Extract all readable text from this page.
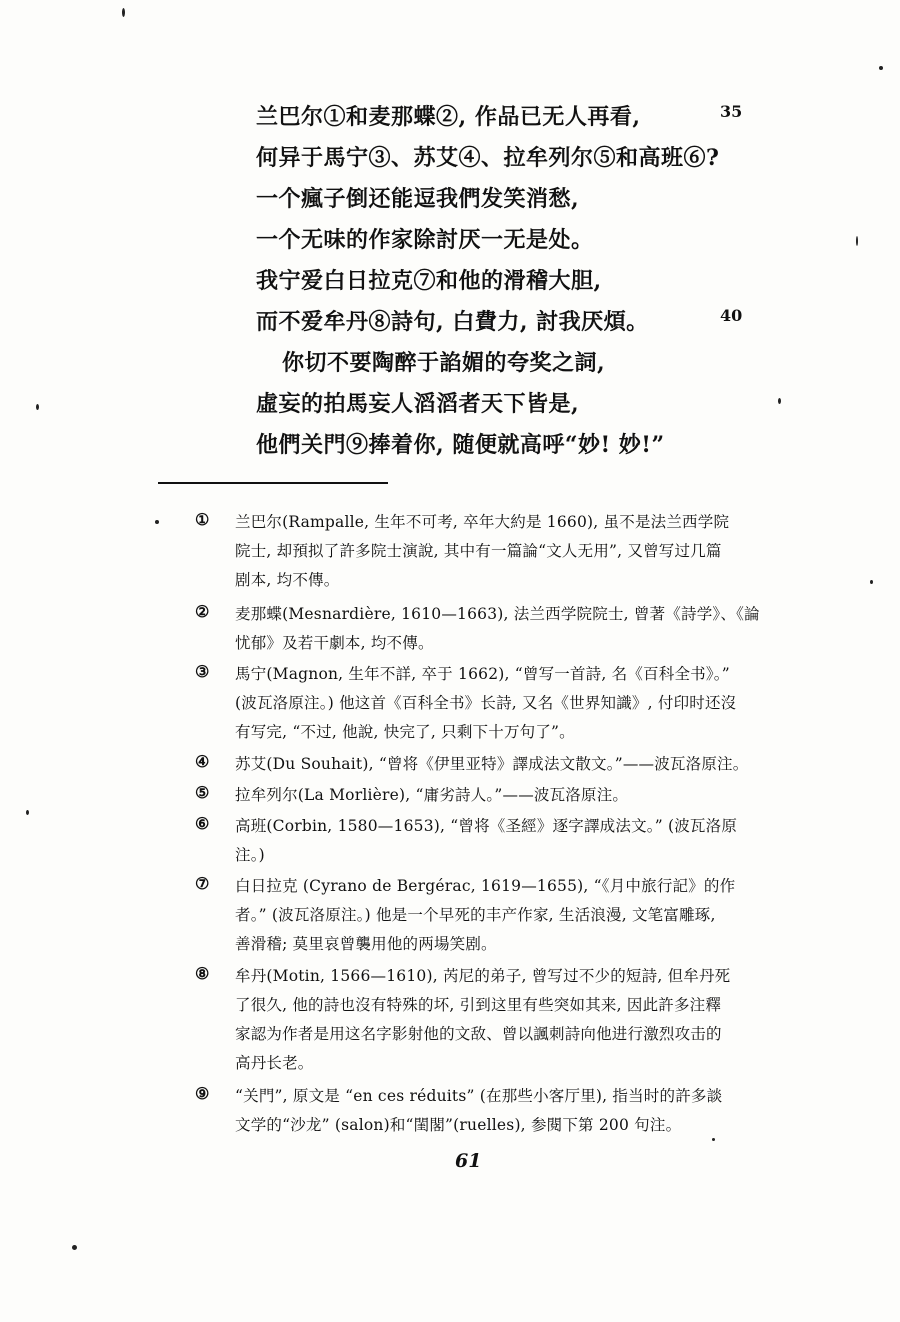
兰巴尔①和麦那蝶②, 作品已无人再看,
何异于馬宁③、苏艾④、拉牟列尔⑤和高班⑥?
一个瘋子倒还能逗我們发笑消愁,
一个无味的作家除討厌一无是处。
我宁爱白日拉克⑦和他的滑稽大胆,
而不爱牟丹⑧詩句, 白費力, 討我厌煩。
你切不要陶醉于諂媚的夸奖之詞,
虛妄的拍馬妄人滔滔者天下皆是,
他們关門⑨捧着你, 随便就高呼“妙! 妙!”
35
40
① 兰巴尔(Rampalle, 生年不可考, 卒年大約是 1660), 虽不是法兰西学院
院士, 却預拟了許多院士演說, 其中有一篇論“文人无用”, 又曾写过几篇
剧本, 均不傳。
② 麦那蝶(Mesnardière, 1610—1663), 法兰西学院院士, 曾著《詩学》、《論
忧郁》及若干劇本, 均不傳。
③ 馬宁(Magnon, 生年不詳, 卒于 1662), “曾写一首詩, 名《百科全书》。”
(波瓦洛原注。) 他这首《百科全书》长詩, 又名《世界知識》, 付印时还沒
有写完, “不过, 他說, 快完了, 只剩下十万句了”。
④ 苏艾(Du Souhait), “曾将《伊里亚特》譯成法文散文。”——波瓦洛原注。
⑤ 拉牟列尔(La Morlière), “庸劣詩人。”——波瓦洛原注。
⑥ 高班(Corbin, 1580—1653), “曾将《圣經》逐字譯成法文。” (波瓦洛原
注。)
⑦ 白日拉克 (Cyrano de Bergérac, 1619—1655), “《月中旅行記》的作
者。” (波瓦洛原注。) 他是一个早死的丰产作家, 生活浪漫, 文笔富雕琢,
善滑稽; 莫里哀曾襲用他的两場笑剧。
⑧ 牟丹(Motin, 1566—1610), 芮尼的弟子, 曾写过不少的短詩, 但牟丹死
了很久, 他的詩也沒有特殊的坏, 引到这里有些突如其来, 因此許多注釋
家認为作者是用这名字影射他的文敌、曾以諷刺詩向他进行激烈攻击的
高丹长老。
⑨ “关門”, 原文是 “en ces réduits” (在那些小客厅里), 指当时的許多談
文学的“沙龙” (salon)和“閨閣”(ruelles), 参閱下第 200 句注。
61
